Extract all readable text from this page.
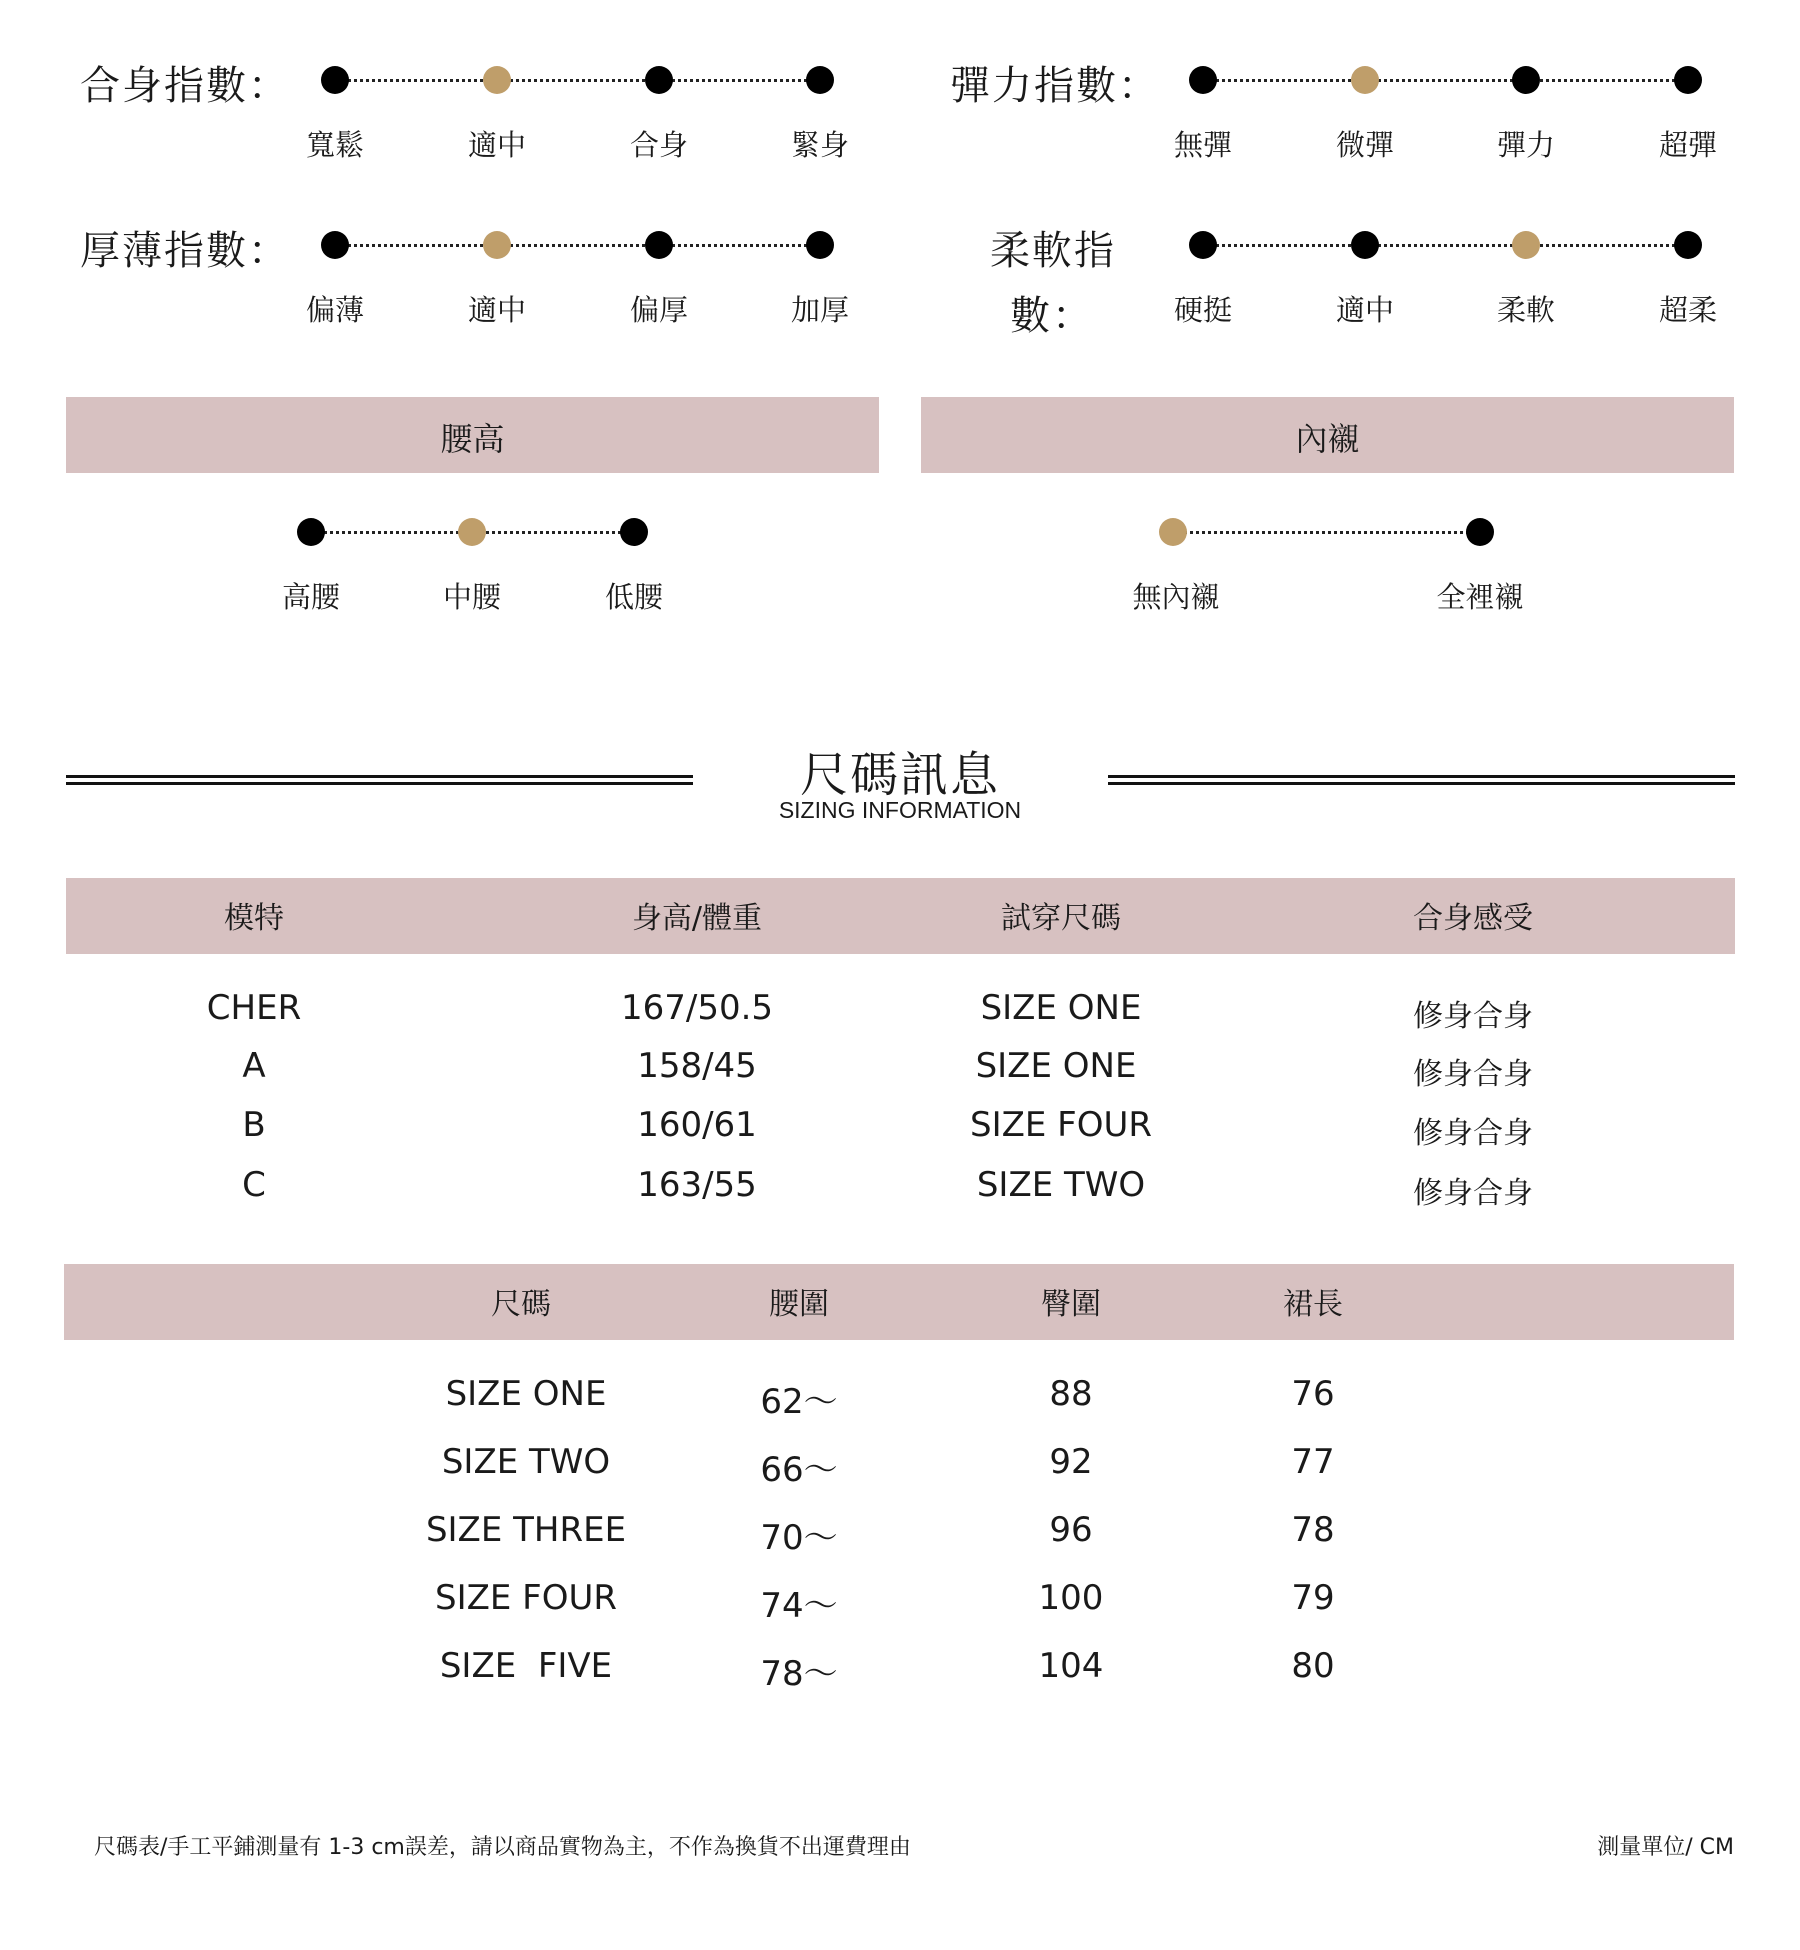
合身指數：
寬鬆	適中	合身	緊身
彈力指數：
無彈	微彈	彈力	超彈
厚薄指數：
偏薄	適中	偏厚	加厚
柔軟指
數：	硬挺	適中	柔軟	超柔
腰高	內襯
高腰	中腰	低腰	無內襯	全裡襯
尺碼訊息
SIZING INFORMATION
模特	身高/體重	試穿尺碼	合身感受
CHER	167/50.5	SIZE ONE	修身合身
A	158/45	SIZE ONE	修身合身
B	160/61	SIZE FOUR	修身合身
C	163/55	SIZE TWO	修身合身
尺碼	腰圍	臀圍	裙長
SIZE ONE	62～	88	76
SIZE TWO	66～	92	77
SIZE THREE	70～	96	78
SIZE FOUR	74～	100	79
SIZE  FIVE	78～	104	80
尺碼表/手工平鋪測量有 1-3 cm誤差，請以商品實物為主，不作為換貨不出運費理由	測量單位/ CM
